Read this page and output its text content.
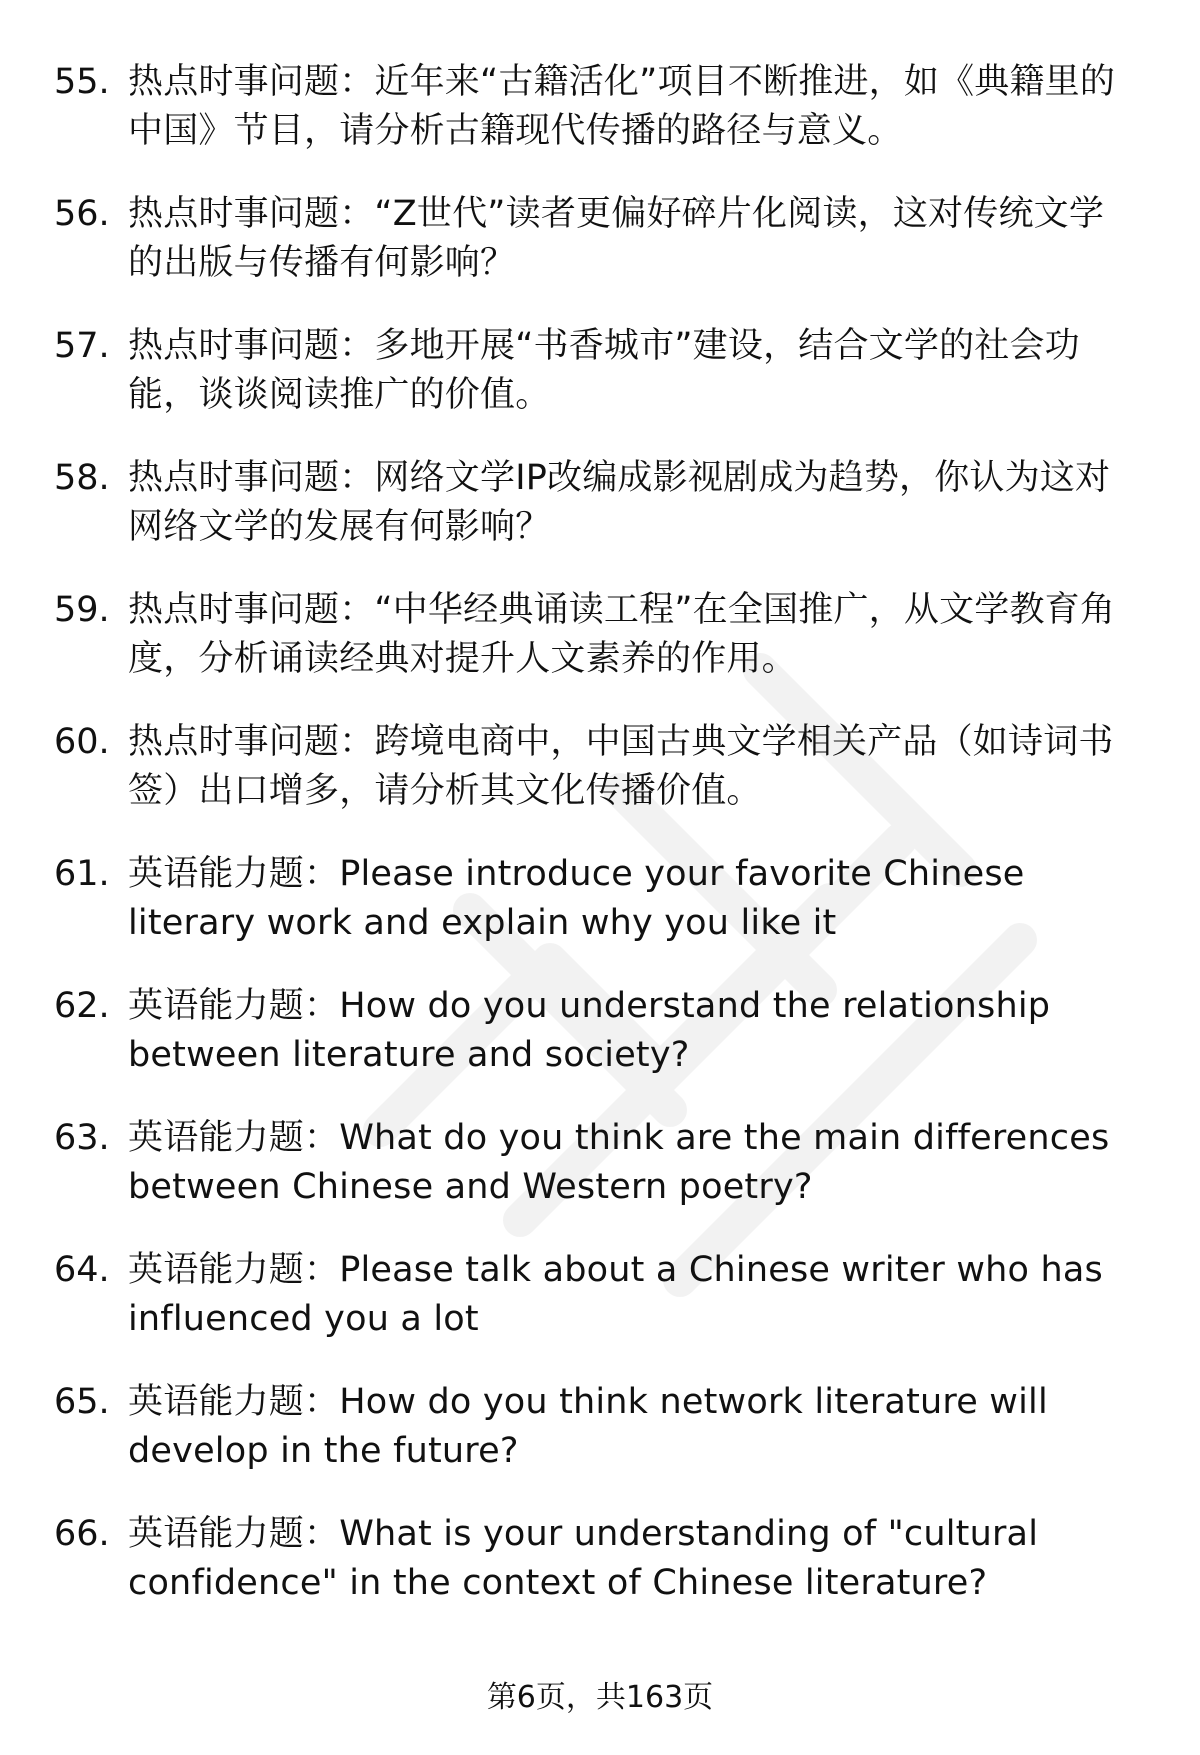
55. 热点时事问题：近年来“古籍活化”项目不断推进，如《典籍里的中国》节目，请分析古籍现代传播的路径与意义。
56. 热点时事问题：“Z世代”读者更偏好碎片化阅读，这对传统文学的出版与传播有何影响？
57. 热点时事问题：多地开展“书香城市”建设，结合文学的社会功能，谈谈阅读推广的价值。
58. 热点时事问题：网络文学IP改编成影视剧成为趋势，你认为这对网络文学的发展有何影响？
59. 热点时事问题：“中华经典诵读工程”在全国推广，从文学教育角度，分析诵读经典对提升人文素养的作用。
60. 热点时事问题：跨境电商中，中国古典文学相关产品（如诗词书签）出口增多，请分析其文化传播价值。
61. 英语能力题：Please introduce your favorite Chinese literary work and explain why you like it
62. 英语能力题：How do you understand the relationship between literature and society?
63. 英语能力题：What do you think are the main differences between Chinese and Western poetry?
64. 英语能力题：Please talk about a Chinese writer who has influenced you a lot
65. 英语能力题：How do you think network literature will develop in the future?
66. 英语能力题：What is your understanding of "cultural confidence" in the context of Chinese literature?
第6页，共163页
